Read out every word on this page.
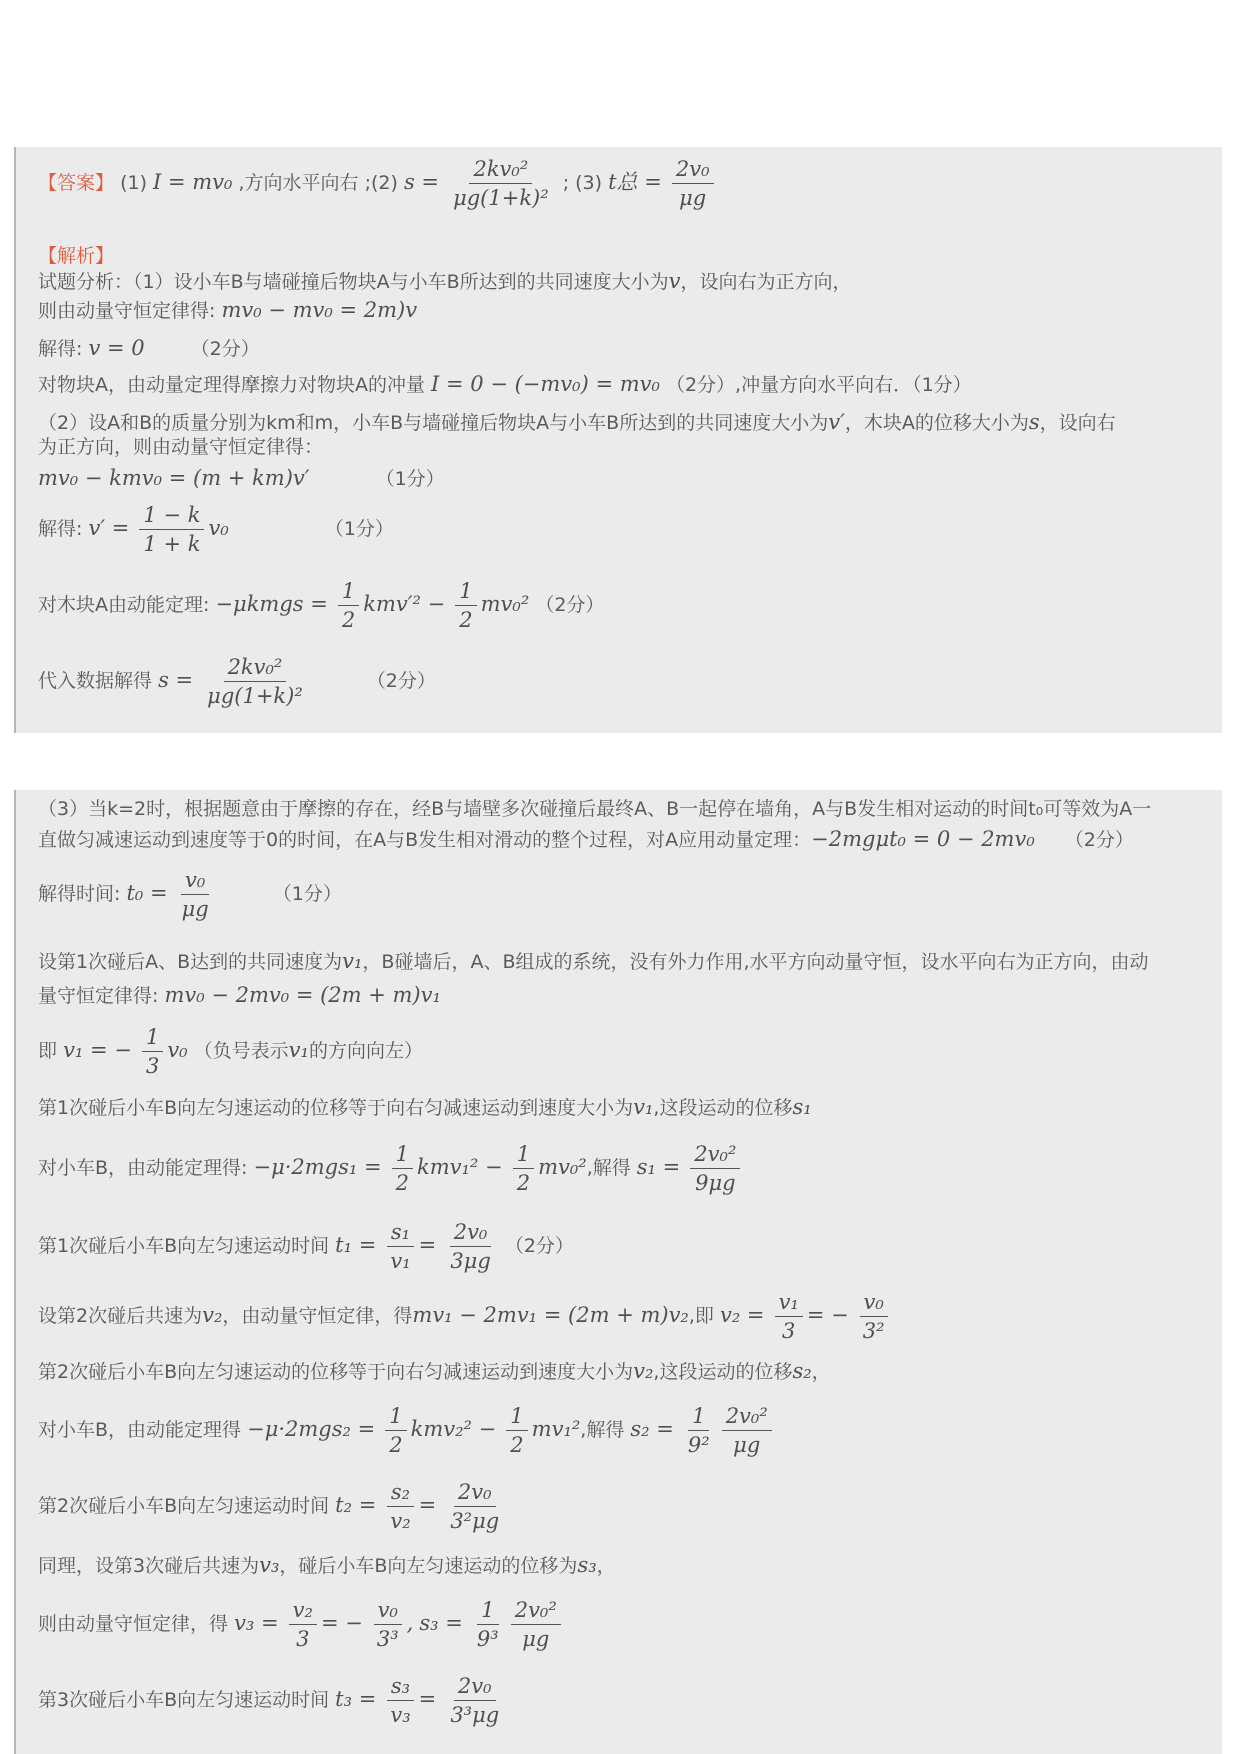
【答案】 (1) I = mv₀ ,方向水平向右 ;(2) $s = \frac{\text{2kv₀²}}{\text{μg(1+k)²}}$ ; (3) t总 = $\frac{\text{2v₀}}{\mu g}$
【解析】
试题分析：（1）设小车B与墙碰撞后物块A与小车B所达到的共同速度大小为v，设向右为正方向，
则由动量守恒定律得: mv₀ − mv₀ = 2m)v
解得: v = 0 （2分）
对物块A，由动量定理得摩擦力对物块A的冲量 I = 0 − (−mv₀) = mv₀ （2分）,冲量方向水平向右．（1分）
（2）设A和B的质量分别为km和m，小车B与墙碰撞后物块A与小车B所达到的共同速度大小为v′，木块A的位移大小为s，设向右
为正方向，则由动量守恒定律得：
mv₀ − kmv₀ = (m + km)v′	（1分）
解得: $v' = \frac{1 - k}{1 + k} v_0$	（1分）
对木块A由动能定理: −μkmgs = $\frac{1}{2} kmv'^2 - \frac{1}{2} mv_0^2$ （2分）
代入数据解得 $s = \frac{\text{2kv₀²}}{\text{μg(1+k)²}}$	（2分）
（3）当k=2时，根据题意由于摩擦的存在，经B与墙壁多次碰撞后最终A、B一起停在墙角，A与B发生相对运动的时间t₀可等效为A一
直做匀减速运动到速度等于0的时间，在A与B发生相对滑动的整个过程，对A应用动量定理：−2mgμt₀ = 0 − 2mv₀ （2分）
解得时间: $t_0 = \frac{\text{v₀}}{\mu g}$	（1分）
设第1次碰后A、B达到的共同速度为v₁，B碰墙后，A、B组成的系统，没有外力作用,水平方向动量守恒，设水平向右为正方向，由动
量守恒定律得: mv₀ − 2mv₀ = (2m + m)v₁
即 v₁ = − $\frac{1}{3} v_0$ （负号表示v₁的方向向左）
第1次碰后小车B向左匀速运动的位移等于向右匀减速运动到速度大小为v₁,这段运动的位移s₁
对小车B，由动能定理得: $-\mu\cdot 2mgs_1 = \frac{1}{2} kmv_1^2 - \frac{1}{2} mv_0^2$,解得 $s_1 = \frac{\text{2v₀²}}{9\mu g}$
第1次碰后小车B向左匀速运动时间 $t_1 = \frac{\text{s₁}}{\text{v₁}} = \frac{\text{2v₀}}{3\mu g} (2$分）
设第2次碰后共速为v₂，由动量守恒定律，得mv₁ − 2mv₁ = (2m + m)v₂,即 $v_2 = \frac{\text{v₁}}{3}$ = − $\frac{\text{v₀}}{\text{3²}}$
第2次碰后小车B向左匀速运动的位移等于向右匀减速运动到速度大小为v₂,这段运动的位移s₂，
对小车B，由动能定理得 $-\mu\cdot 2mgs_2 = \frac{1}{2} kmv_2^2 - \frac{1}{2} mv_1^2$,解得 $s_2 = \frac{1}{\text{9²}} \frac{\text{2v₀²}}{\mu g}$
第2次碰后小车B向左匀速运动时间 $t_2 = \frac{\text{s₂}}{\text{v₂}} = \frac{\text{2v₀}}{\text{3²μg}}$
同理，设第3次碰后共速为v₃，碰后小车B向左匀速运动的位移为s₃，
则由动量守恒定律，得 $v_3 = \frac{\text{v₂}}{3}$ = − $\frac{\text{v₀}}{\text{3³}}$ , $s_3 = \frac{1}{\text{9³}} \frac{\text{2v₀²}}{\mu g}$
第3次碰后小车B向左匀速运动时间 $t_3 = \frac{\text{s₃}}{\text{v₃}} = \frac{\text{2v₀}}{\text{3³μg}}$
